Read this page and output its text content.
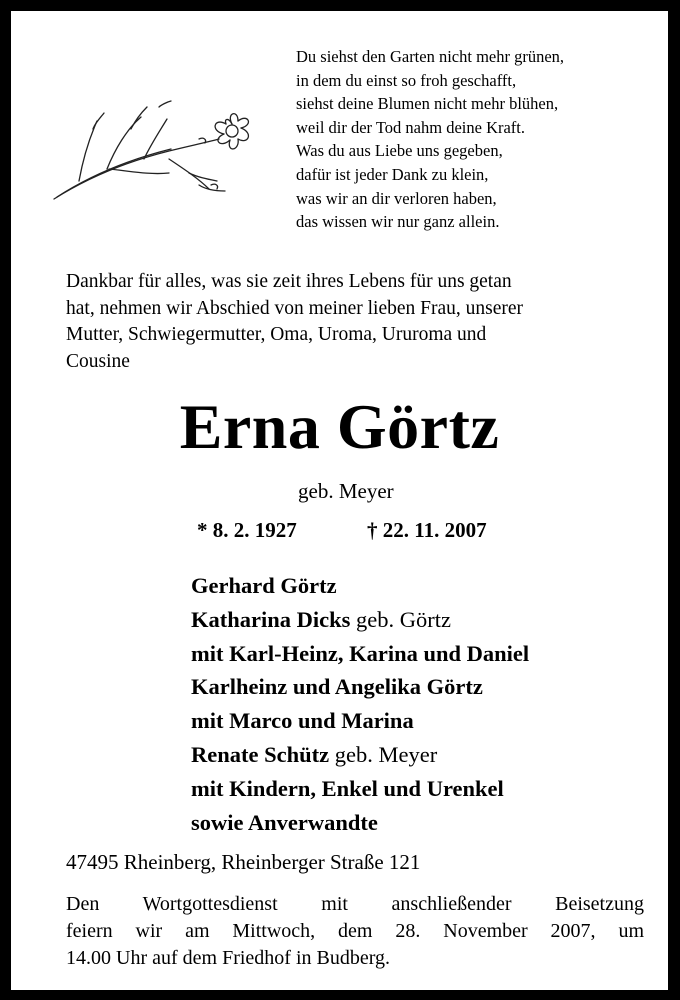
Du siehst den Garten nicht mehr grünen,
in dem du einst so froh geschafft,
siehst deine Blumen nicht mehr blühen,
weil dir der Tod nahm deine Kraft.
Was du aus Liebe uns gegeben,
dafür ist jeder Dank zu klein,
was wir an dir verloren haben,
das wissen wir nur ganz allein.
Dankbar für alles, was sie zeit ihres Lebens für uns getan
hat, nehmen wir Abschied von meiner lieben Frau, unserer
Mutter, Schwiegermutter, Oma, Uroma, Ururoma und
Cousine
Erna Görtz
geb. Meyer
* 8. 2. 1927	† 22. 11. 2007
Gerhard Görtz
Katharina Dicks geb. Görtz
mit Karl-Heinz, Karina und Daniel
Karlheinz und Angelika Görtz
mit Marco und Marina
Renate Schütz geb. Meyer
mit Kindern, Enkel und Urenkel
sowie Anverwandte
47495 Rheinberg, Rheinberger Straße 121
Den Wortgottesdienst mit anschließender Beisetzung
feiern wir am Mittwoch, dem 28. November 2007, um
14.00 Uhr auf dem Friedhof in Budberg.
